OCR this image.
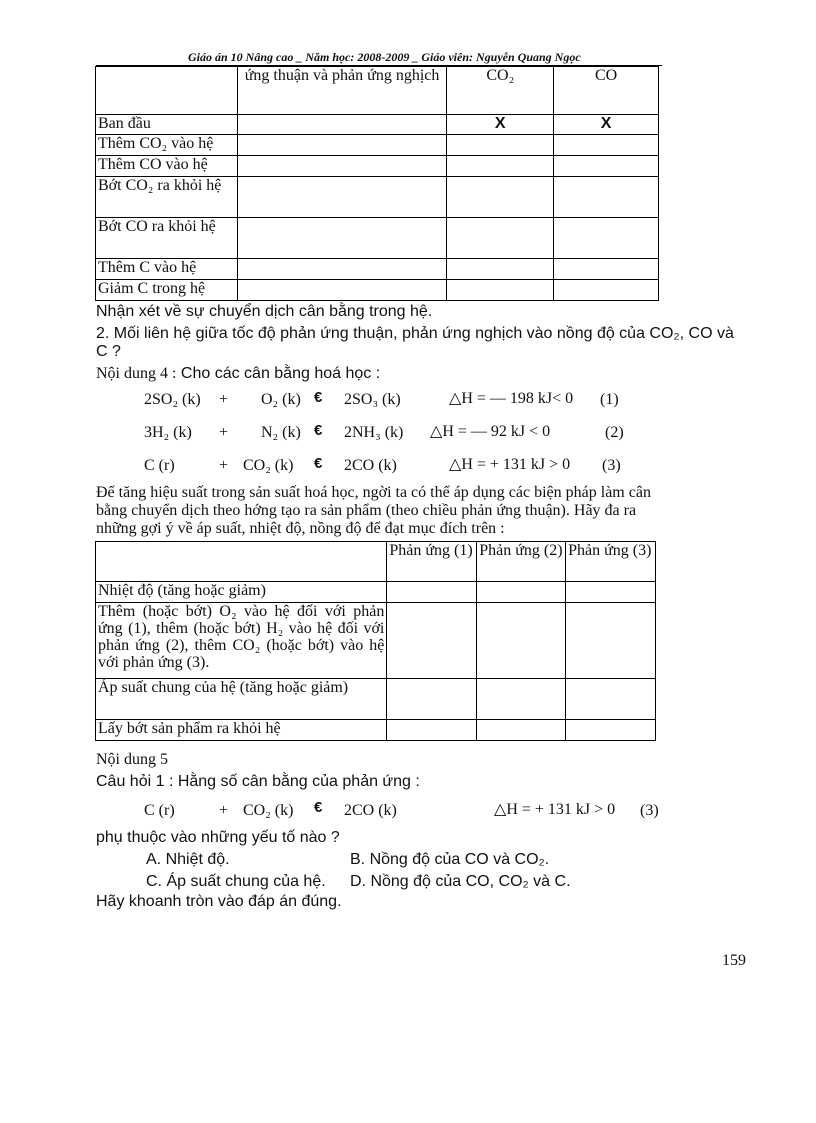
Giáo án 10 Nâng cao _ Năm học: 2008-2009 _ Giáo viên: Nguyễn Quang Ngọc
	ứng thuận và phản ứng nghịch	CO₂	CO
Ban đầu		X	X
Thêm CO₂ vào hệ			
Thêm CO vào hệ			
Bớt CO₂ ra khỏi hệ			
Bớt CO ra khỏi hệ			
Thêm C vào hệ			
Giảm C trong hệ			
Nhận xét về sự chuyển dịch cân bằng trong hệ.
2. Mối liên hệ giữa tốc độ phản ứng thuận, phản ứng nghịch vào nồng độ của CO₂, CO và
C ?
Nội dung 4 : Cho các cân bằng hoá học :
2SO₂ (k) + O₂ (k) € 2SO₃ (k)	△H = — 198 kJ< 0 (1)
3H₂ (k) + N₂ (k) € 2NH₃ (k) △H = — 92 kJ < 0	(2)
C (r)	+ CO₂ (k) € 2CO (k)	△H = + 131 kJ > 0 (3)
Để tăng hiệu suất trong sản suất hoá học, ngời ta có thể áp dụng các biện pháp làm cân
bằng chuyển dịch theo hớng tạo ra sản phẩm (theo chiều phản ứng thuận). Hãy đa ra
những gợi ý về áp suất, nhiệt độ, nồng độ để đạt mục đích trên :
	Phản ứng (1)	Phản ứng (2)	Phản ứng (3)
Nhiệt độ (tăng hoặc giảm)			
Thêm (hoặc bớt) O₂ vào hệ đối với phản ứng (1), thêm (hoặc bớt) H₂ vào hệ đối với phản ứng (2), thêm CO₂ (hoặc bớt) vào hệ với phản ứng (3).			
Áp suất chung của hệ (tăng hoặc giảm)			
Lấy bớt sản phẩm ra khỏi hệ			
Nội dung 5
Câu hỏi 1 : Hằng số cân bằng của phản ứng :
C (r)	+ CO₂ (k) € 2CO (k)	△H = + 131 kJ > 0 (3)
phụ thuộc vào những yếu tố nào ?
A. Nhiệt độ.	B. Nồng độ của CO và CO₂.
C. Áp suất chung của hệ. D. Nồng độ của CO, CO₂ và C.
Hãy khoanh tròn vào đáp án đúng.
159
